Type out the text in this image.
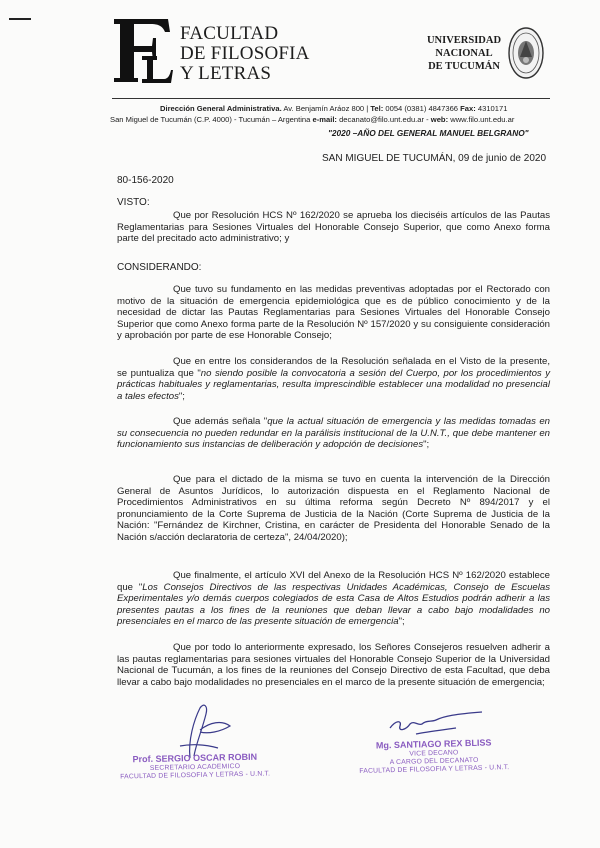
FACULTAD
DE FILOSOFIA
Y LETRAS
UNIVERSIDAD
NACIONAL
DE TUCUMÁN
Dirección General Administrativa. Av. Benjamín Aráoz 800 | Tel: 0054 (0381) 4847366 Fax: 4310171
San Miguel de Tucumán (C.P. 4000) - Tucumán – Argentina e-mail: decanato@filo.unt.edu.ar - web: www.filo.unt.edu.ar
"2020 –AÑO DEL GENERAL MANUEL BELGRANO"
SAN MIGUEL DE TUCUMÁN, 09 de junio de 2020
80-156-2020
VISTO:
Que por Resolución HCS Nº 162/2020 se aprueba los dieciséis artículos de las Pautas Reglamentarias para Sesiones Virtuales del Honorable Consejo Superior, que como Anexo forma parte del precitado acto administrativo; y
CONSIDERANDO:
Que tuvo su fundamento en las medidas preventivas adoptadas por el Rectorado con motivo de la situación de emergencia epidemiológica que es de público conocimiento y de la necesidad de dictar las Pautas Reglamentarias para Sesiones Virtuales del Honorable Consejo Superior que como Anexo forma parte de la Resolución Nº 157/2020 y su consiguiente consideración y aprobación por parte de ese Honorable Consejo;
Que en entre los considerandos de la Resolución señalada en el Visto de la presente, se puntualiza que "no siendo posible la convocatoria a sesión del Cuerpo, por los procedimientos y prácticas habituales y reglamentarias, resulta imprescindible establecer una modalidad no presencial a tales efectos";
Que además señala "que la actual situación de emergencia y las medidas tomadas en su consecuencia no pueden redundar en la parálisis institucional de la U.N.T., que debe mantener en funcionamiento sus instancias de deliberación y adopción de decisiones";
Que para el dictado de la misma se tuvo en cuenta la intervención de la Dirección General de Asuntos Jurídicos, lo autorización dispuesta en el Reglamento Nacional de Procedimientos Administrativos en su última reforma según Decreto Nº 894/2017 y el pronunciamiento de la Corte Suprema de Justicia de la Nación (Corte Suprema de Justicia de la Nación: "Fernández de Kirchner, Cristina, en carácter de Presidenta del Honorable Senado de la Nación s/acción declaratoria de certeza", 24/04/2020);
Que finalmente, el artículo XVI del Anexo de la Resolución HCS Nº 162/2020 establece que "Los Consejos Directivos de las respectivas Unidades Académicas, Consejo de Escuelas Experimentales y/o demás cuerpos colegiados de esta Casa de Altos Estudios podrán adherir a las presentes pautas a los fines de la reuniones que deban llevar a cabo bajo modalidades no presenciales en el marco de las presente situación de emergencia";
Que por todo lo anteriormente expresado, los Señores Consejeros resuelven adherir a las pautas reglamentarias para sesiones virtuales del Honorable Consejo Superior de la Universidad Nacional de Tucumán, a los fines de la reuniones del Consejo Directivo de esta Facultad, que deba llevar a cabo bajo modalidades no presenciales en el marco de la presente situación de emergencia;
Prof. SERGIO OSCAR ROBIN
SECRETARIO ACADEMICO
FACULTAD DE FILOSOFIA Y LETRAS - U.N.T.
Mg. SANTIAGO REX BLISS
VICE DECANO
A CARGO DEL DECANATO
FACULTAD DE FILOSOFIA Y LETRAS - U.N.T.
